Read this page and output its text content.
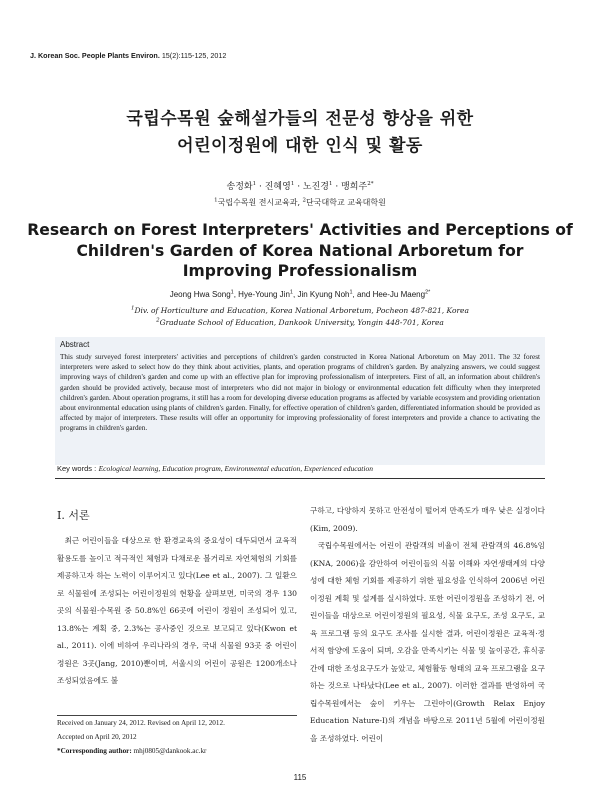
J. Korean Soc. People Plants Environ. 15(2):115-125, 2012
국립수목원 숲해설가들의 전문성 향상을 위한
어린이정원에 대한 인식 및 활동
송정화$^1$ · 진혜영$^1$ · 노진경$^1$ · 맹희주$^{2*}$
$^1$국립수목원 전시교육과, $^2$단국대학교 교육대학원
Research on Forest Interpreters' Activities and Perceptions of
Children's Garden of Korea National Arboretum for
Improving Professionalism
Jeong Hwa Song$^1$, Hye-Young Jin$^1$, Jin Kyung Noh$^1$, and Hee-Ju Maeng$^{2*}$
$^1$Div. of Horticulture and Education, Korea National Arboretum, Pocheon 487-821, Korea
$^2$Graduate School of Education, Dankook University, Yongin 448-701, Korea
Abstract
This study surveyed forest interpreters' activities and perceptions of children's garden constructed in Korea National Arboretum on May 2011. The 32 forest interpreters were asked to select how do they think about activities, plants, and operation programs of children's garden. By analyzing answers, we could suggest improving ways of children's garden and come up with an effective plan for improving professionalism of interpreters. First of all, an information about children's garden should be provided actively, because most of interpreters who did not major in biology or environmental education felt difficulty when they interpreted children's garden. About operation programs, it still has a room for developing diverse education programs as affected by variable ecosystem and providing orientation about environmental education using plants of children's garden. Finally, for effective operation of children's garden, differentiated information should be provided as affected by major of interpreters. These results will offer an opportunity for improving professionality of forest interpreters and provide a chance to activating the programs in children's garden.
Key words : Ecological learning, Education program, Environmental education, Experienced education
Ⅰ. 서론

최근 어린이들을 대상으로 한 환경교육의 중요성이 대두되면서 교육적 활용도를 높이고 적극적인 체험과 다채로운 볼거리로 자연체험의 기회를 제공하고자 하는 노력이 이루어지고 있다(Lee et al., 2007). 그 일환으로 식물원에 조성되는 어린이정원의 현황을 살펴보면, 미국의 경우 130곳의 식물원·수목원 중 50.8%인 66곳에 어린이 정원이 조성되어 있고, 13.8%는 계획 중, 2.3%는 공사중인 것으로 보고되고 있다(Kwon et al., 2011). 이에 비하여 우리나라의 경우, 국내 식물원 93곳 중 어린이 정원은 3곳(Jang, 2010)뿐이며, 서울시의 어린이 공원은 1200개소나 조성되었음에도 불

구하고, 다양하지 못하고 안전성이 떨어져 만족도가 매우 낮은 실정이다(Kim, 2009).

국립수목원에서는 어린이 관람객의 비율이 전체 관람객의 46.8%임(KNA, 2006)을 감안하여 어린이들의 식물 이해와 자연생태계의 다양성에 대한 체험 기회를 제공하기 위한 필요성을 인식하여 2006년 어린이정원 계획 및 설계를 실시하였다. 또한 어린이정원을 조성하기 전, 어린이들을 대상으로 어린이정원의 필요성, 식물 요구도, 조성 요구도, 교육 프로그램 등의 요구도 조사를 실시한 결과, 어린이정원은 교육적·정서적 함양에 도움이 되며, 오감을 만족시키는 식물 및 놀이공간, 휴식공간에 대한 조성요구도가 높았고, 체험활동 형태의 교육 프로그램을 요구하는 것으로 나타났다(Lee et al., 2007). 이러한 결과를 반영하여 국립수목원에서는 숲이 키우는 그린아이(Growth Relax Enjoy Education Nature-I)의 개념을 바탕으로 2011년 5월에 어린이정원을 조성하였다. 어린이

Received on January 24, 2012. Revised on April 12, 2012.
Accepted on April 20, 2012
*Corresponding author: mhj0805@dankook.ac.kr
115
